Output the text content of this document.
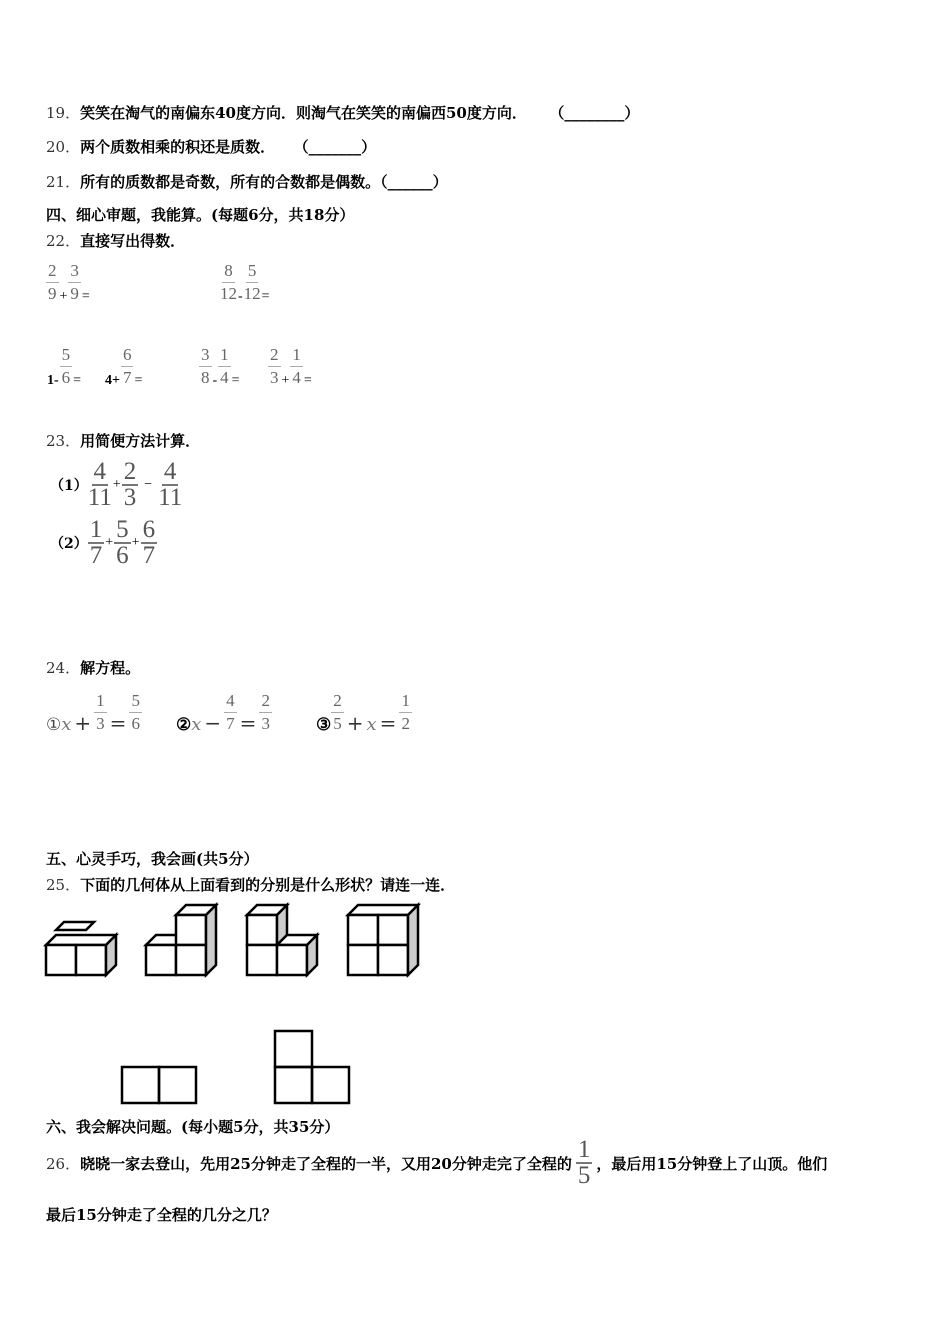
19．笑笑在淘气的南偏东40度方向．则淘气在笑笑的南偏西50度方向． （________）
20．两个质数相乘的积还是质数． （_______）
21．所有的质数都是奇数，所有的合数都是偶数。（______）
四、细心审题，我能算。(每题6分，共18分）
22．直接写出得数．
$\frac{2}{9} + \frac{3}{9}$ =	$\frac{8}{12} - \frac{5}{12}$ =
$1- \frac{5}{6} = 4+ \frac{6}{7}$ =	$\frac{3}{8} - \frac{1}{4} = \frac{2}{3} + \frac{1}{4}$ =
23．用简便方法计算．
$(1) \frac{4}{11} + \frac{2}{3} - \frac{4}{11}$
$(2) \frac{1}{7} + \frac{5}{6} + \frac{6}{7}$
24．解方程。
① $x + \frac{1}{3} = \frac{5}{6}$ ② $x - \frac{4}{7} = \frac{2}{3}$	③ $\frac{2}{5} + x = \frac{1}{2}$
五、心灵手巧，我会画(共5分）
25．下面的几何体从上面看到的分别是什么形状？请连一连．
六、我会解决问题。(每小题5分，共35分）
26． 晓晓一家去登山，先用25分钟走了全程的一半，又用20分钟走完了全程的 $\frac{1}{5}$ ，最后用15分钟登上了山顶。他们
最后15分钟走了全程的几分之几？
